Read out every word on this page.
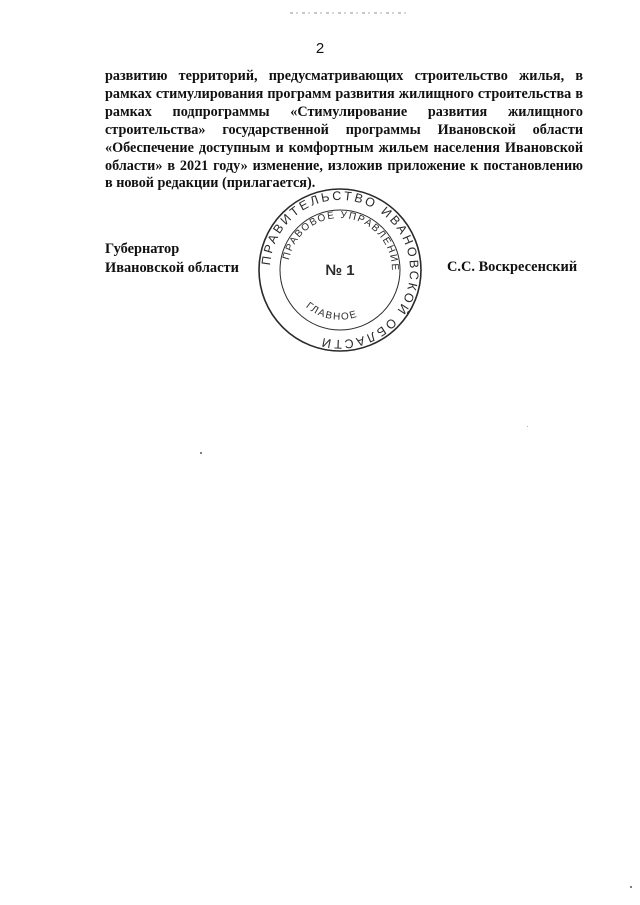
2
развитию территорий, предусматривающих строительство жилья, в
рамках стимулирования программ развития жилищного строительства в
рамках подпрограммы «Стимулирование развития жилищного
строительства» государственной программы Ивановской области
«Обеспечение доступным и комфортным жильем населения Ивановской
области» в 2021 году» изменение, изложив приложение к постановлению
в новой редакции (прилагается).
Губернатор
Ивановской области
ПРАВИТЕЛЬСТВО ИВАНОВСКОЙ ОБЛАСТИ
ПРАВОВОЕ УПРАВЛЕНИЕ
ГЛАВНОЕ
№ 1	С.С. Воскресенский
